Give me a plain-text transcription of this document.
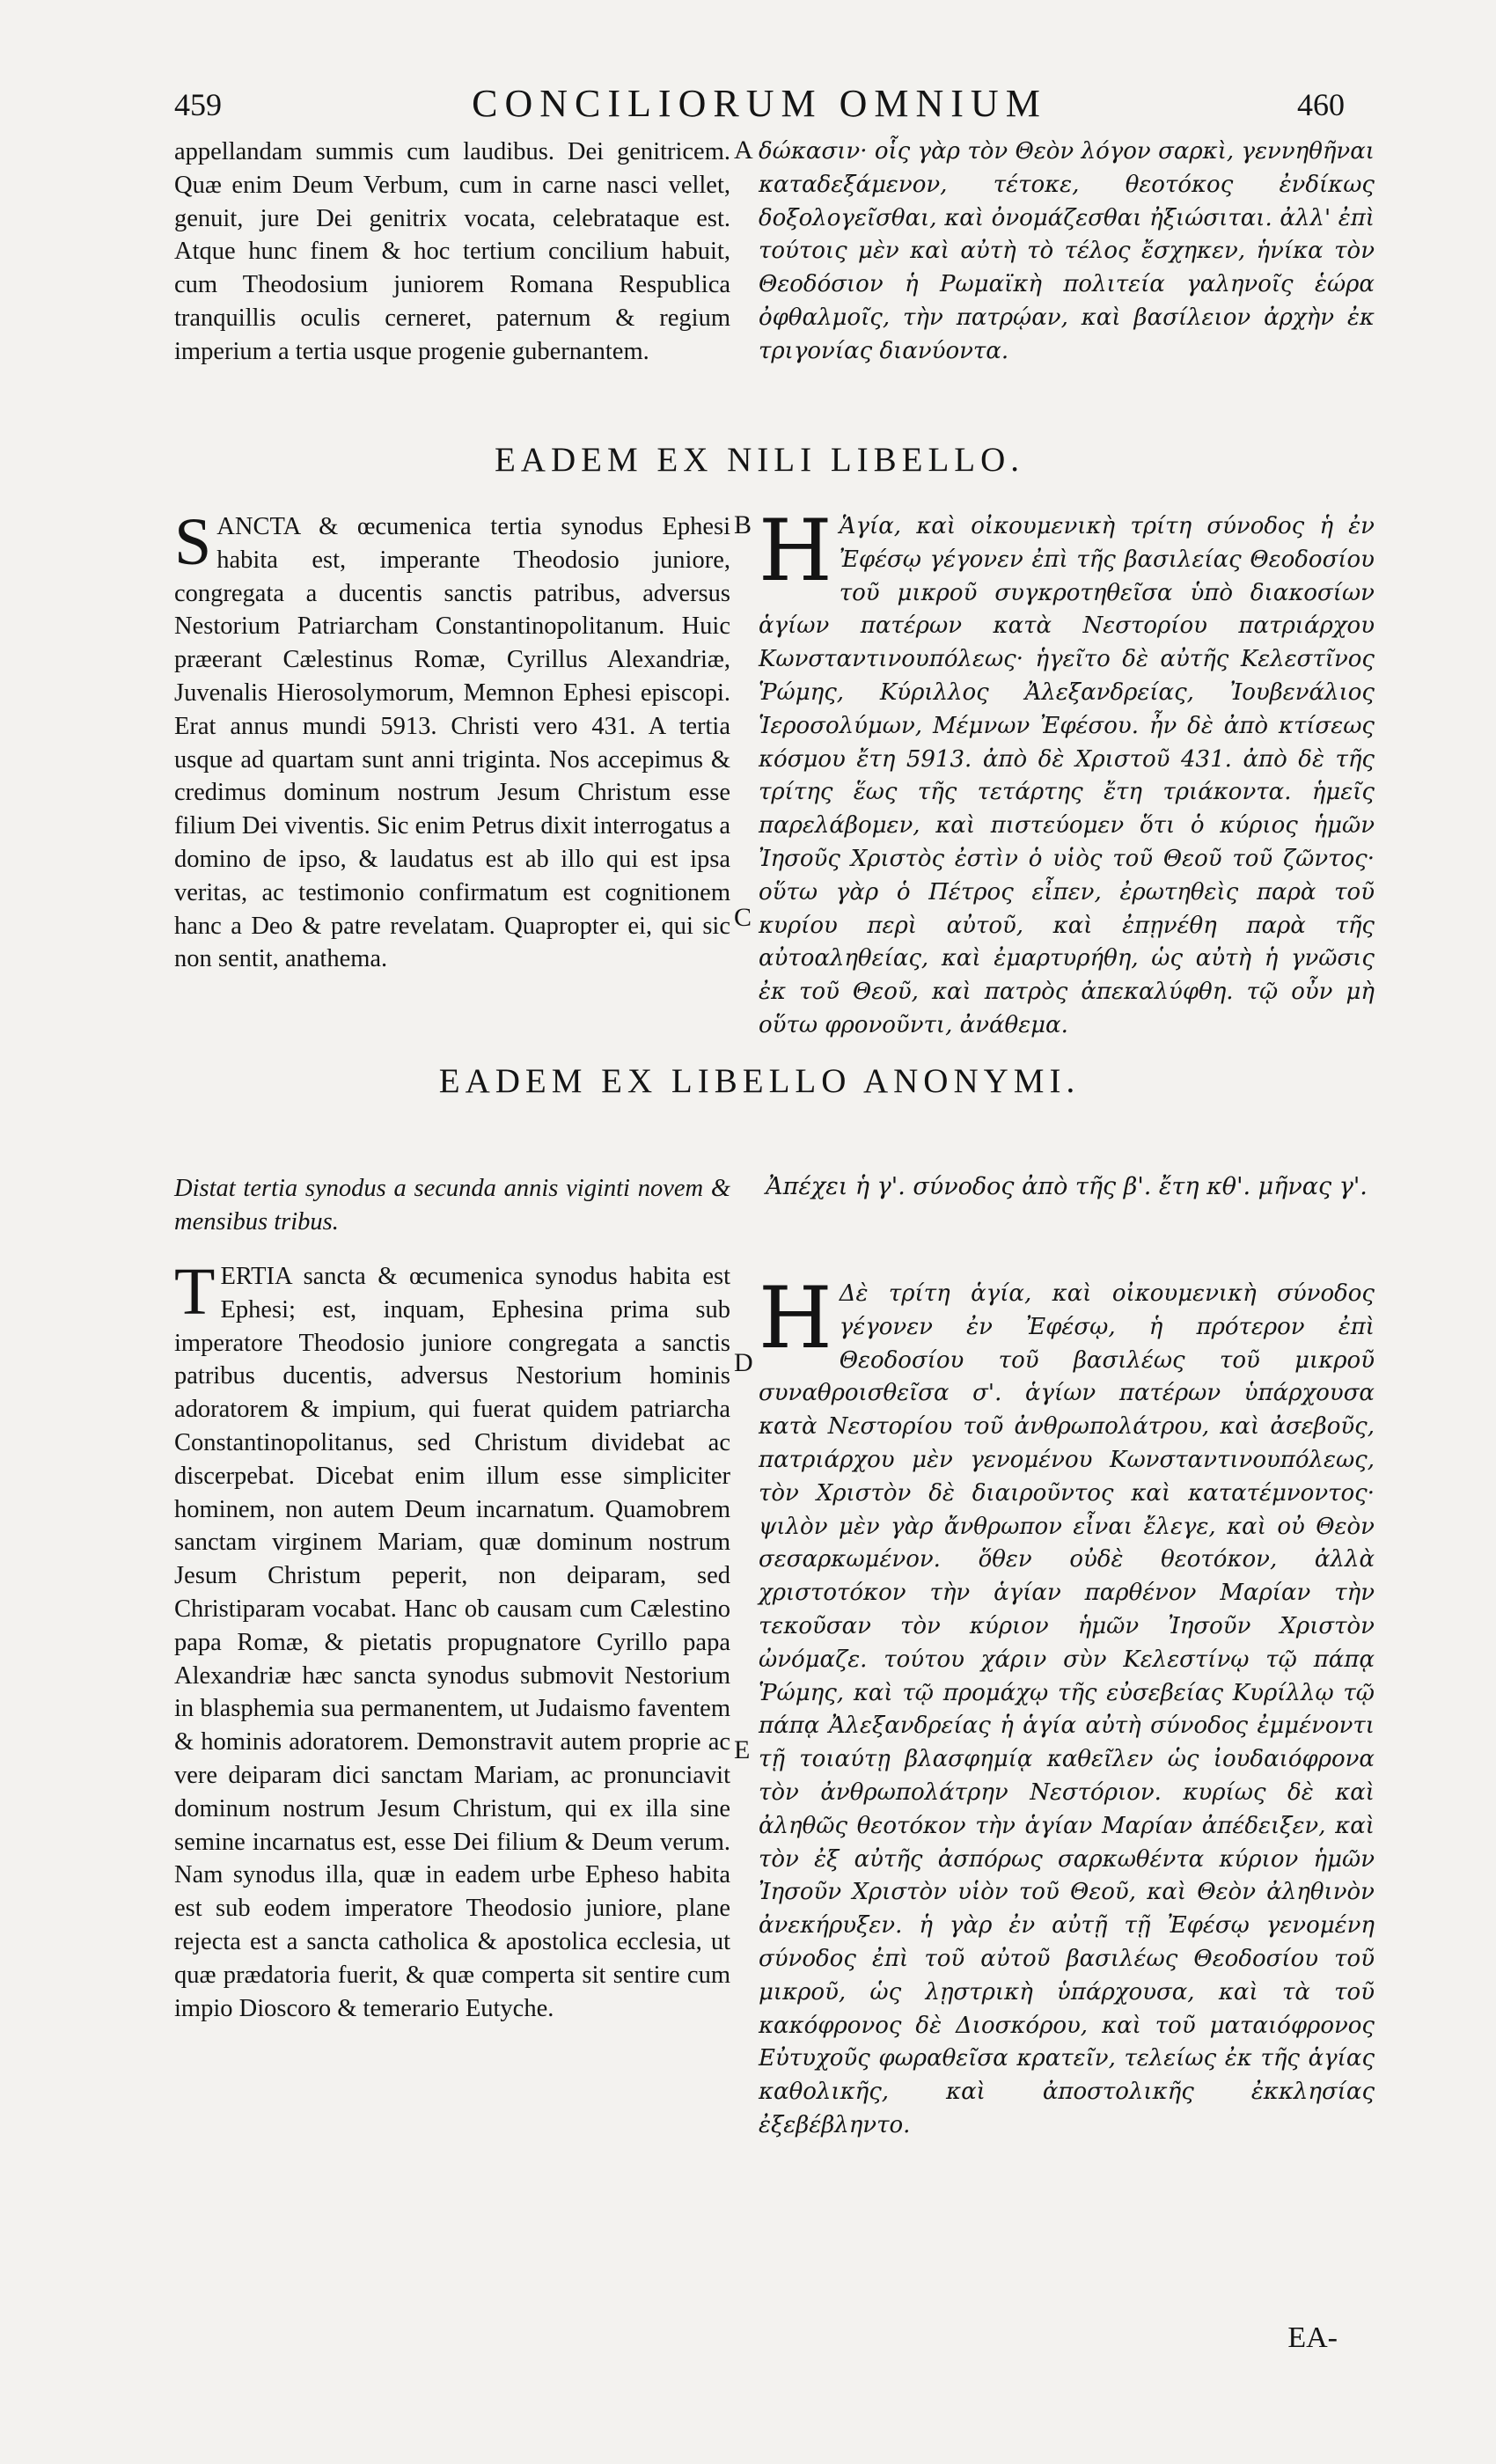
459	CONCILIORUM OMNIUM	460

appellandam summis cum laudibus. Dei genitricem. Quæ enim Deum Verbum, cum in carne nasci vellet, genuit, jure Dei genitrix vocata, celebrataque est. Atque hunc finem & hoc tertium concilium habuit, cum Theodosium juniorem Romana Respublica tranquillis oculis cerneret, paternum & regium imperium a tertia usque progenie gubernantem.

A δώκασιν· οἷς γὰρ τὸν Θεὸν λόγον σαρκὶ, γεννηθῆναι καταδεξάμενον, τέτοκε, θεοτόκος ἐνδίκως δοξολογεῖσθαι, καὶ ὀνομάζεσθαι ἠξιώσιται. ἀλλ' ἐπὶ τούτοις μὲν καὶ αὐτὴ τὸ τέλος ἔσχηκεν, ἡνίκα τὸν Θεοδόσιον ἡ Ρωμαϊκὴ πολιτεία γαληνοῖς ἑώρα ὀφθαλμοῖς, τὴν πατρῴαν, καὶ βασίλειον ἀρχὴν ἐκ τριγονίας διανύοντα.

EADEM EX NILI LIBELLO.

SANCTA & œcumenica tertia synodus Ephesi habita est, imperante Theodosio juniore, congregata a ducentis sanctis patribus, adversus Nestorium Patriarcham Constantinopolitanum. Huic præerant Cælestinus Romæ, Cyrillus Alexandriæ, Juvenalis Hierosolymorum, Memnon Ephesi episcopi. Erat annus mundi 5913. Christi vero 431. A tertia usque ad quartam sunt anni triginta. Nos accepimus & credimus dominum nostrum Jesum Christum esse filium Dei viventis. Sic enim Petrus dixit interrogatus a domino de ipso, & laudatus est ab illo qui est ipsa veritas, ac testimonio confirmatum est cognitionem hanc a Deo & patre revelatam. Quapropter ei, qui sic non sentit, anathema.

B
C

H Ἁγία, καὶ οἰκουμενικὴ τρίτη σύνοδος ἡ ἐν Ἐφέσῳ γέγονεν ἐπὶ τῆς βασιλείας Θεοδοσίου τοῦ μικροῦ συγκροτηθεῖσα ὑπὸ διακοσίων ἁγίων πατέρων κατὰ Νεστορίου πατριάρχου Κωνσταντινουπόλεως· ἡγεῖτο δὲ αὐτῆς Κελεστῖνος Ῥώμης, Κύριλλος Ἀλεξανδρείας, Ἰουβενάλιος Ἱεροσολύμων, Μέμνων Ἐφέσου. ἦν δὲ ἀπὸ κτίσεως κόσμου ἔτη 5913. ἀπὸ δὲ Χριστοῦ 431. ἀπὸ δὲ τῆς τρίτης ἕως τῆς τετάρτης ἔτη τριάκοντα. ἡμεῖς παρελάβομεν, καὶ πιστεύομεν ὅτι ὁ κύριος ἡμῶν Ἰησοῦς Χριστὸς ἐστὶν ὁ υἱὸς τοῦ Θεοῦ τοῦ ζῶντος· οὕτω γὰρ ὁ Πέτρος εἶπεν, ἐρωτηθεὶς παρὰ τοῦ κυρίου περὶ αὐτοῦ, καὶ ἐπῃνέθη παρὰ τῆς αὐτοαληθείας, καὶ ἐμαρτυρήθη, ὡς αὐτὴ ἡ γνῶσις ἐκ τοῦ Θεοῦ, καὶ πατρὸς ἀπεκαλύφθη. τῷ οὖν μὴ οὕτω φρονοῦντι, ἀνάθεμα.

EADEM EX LIBELLO ANONYMI.

Distat tertia synodus a secunda annis viginti novem & mensibus tribus.

Ἀπέχει ἡ γ'. σύνοδος ἀπὸ τῆς β'. ἔτη κθ'. μῆνας γ'.

TERTIA sancta & œcumenica synodus habita est Ephesi; est, inquam, Ephesina prima sub imperatore Theodosio juniore congregata a sanctis patribus ducentis, adversus Nestorium hominis adoratorem & impium, qui fuerat quidem patriarcha Constantinopolitanus, sed Christum dividebat ac discerpebat. Dicebat enim illum esse simpliciter hominem, non autem Deum incarnatum. Quamobrem sanctam virginem Mariam, quæ dominum nostrum Jesum Christum peperit, non deiparam, sed Christiparam vocabat. Hanc ob causam cum Cælestino papa Romæ, & pietatis propugnatore Cyrillo papa Alexandriæ hæc sancta synodus submovit Nestorium in blasphemia sua permanentem, ut Judaismo faventem & hominis adoratorem. Demonstravit autem proprie ac vere deiparam dici sanctam Mariam, ac pronunciavit dominum nostrum Jesum Christum, qui ex illa sine semine incarnatus est, esse Dei filium & Deum verum. Nam synodus illa, quæ in eadem urbe Epheso habita est sub eodem imperatore Theodosio juniore, plane rejecta est a sancta catholica & apostolica ecclesia, ut quæ prædatoria fuerit, & quæ comperta sit sentire cum impio Dioscoro & temerario Eutyche.

D
E

H Δὲ τρίτη ἁγία, καὶ οἰκουμενικὴ σύνοδος γέγονεν ἐν Ἐφέσῳ, ἡ πρότερον ἐπὶ Θεοδοσίου τοῦ βασιλέως τοῦ μικροῦ συναθροισθεῖσα σ'. ἁγίων πατέρων ὑπάρχουσα κατὰ Νεστορίου τοῦ ἀνθρωπολάτρου, καὶ ἀσεβοῦς, πατριάρχου μὲν γενομένου Κωνσταντινουπόλεως, τὸν Χριστὸν δὲ διαιροῦντος καὶ κατατέμνοντος· ψιλὸν μὲν γὰρ ἄνθρωπον εἶναι ἔλεγε, καὶ οὐ Θεὸν σεσαρκωμένον. ὅθεν οὐδὲ θεοτόκον, ἀλλὰ χριστοτόκον τὴν ἁγίαν παρθένον Μαρίαν τὴν τεκοῦσαν τὸν κύριον ἡμῶν Ἰησοῦν Χριστὸν ὠνόμαζε. τούτου χάριν σὺν Κελεστίνῳ τῷ πάπᾳ Ῥώμης, καὶ τῷ προμάχῳ τῆς εὐσεβείας Κυρίλλῳ τῷ πάπᾳ Ἀλεξανδρείας ἡ ἁγία αὐτὴ σύνοδος ἐμμένοντι τῇ τοιαύτῃ βλασφημίᾳ καθεῖλεν ὡς ἰουδαιόφρονα τὸν ἀνθρωπολάτρην Νεστόριον. κυρίως δὲ καὶ ἀληθῶς θεοτόκον τὴν ἁγίαν Μαρίαν ἀπέδειξεν, καὶ τὸν ἐξ αὐτῆς ἀσπόρως σαρκωθέντα κύριον ἡμῶν Ἰησοῦν Χριστὸν υἱὸν τοῦ Θεοῦ, καὶ Θεὸν ἀληθινὸν ἀνεκήρυξεν. ἡ γὰρ ἐν αὐτῇ τῇ Ἐφέσῳ γενομένη σύνοδος ἐπὶ τοῦ αὐτοῦ βασιλέως Θεοδοσίου τοῦ μικροῦ, ὡς λῃστρικὴ ὑπάρχουσα, καὶ τὰ τοῦ κακόφρονος δὲ Διοσκόρου, καὶ τοῦ ματαιόφρονος Εὐτυχοῦς φωραθεῖσα κρατεῖν, τελείως ἐκ τῆς ἁγίας καθολικῆς, καὶ ἀποστολικῆς ἐκκλησίας ἐξεβέβληντο.

EA-
